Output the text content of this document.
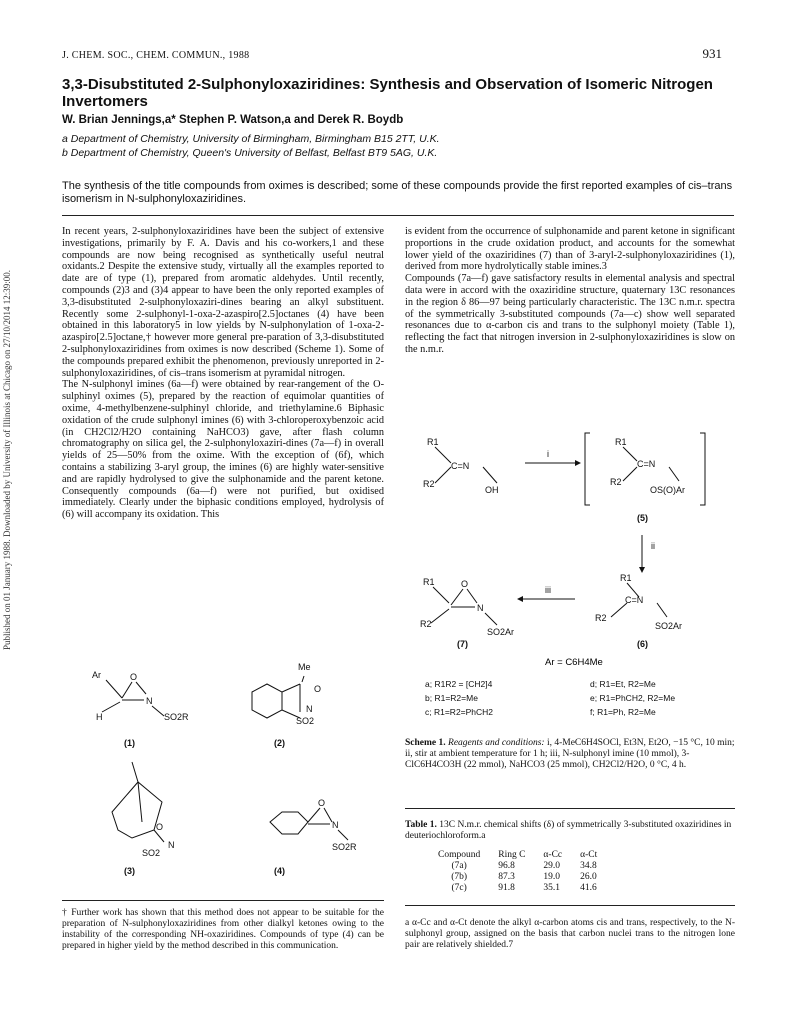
J. CHEM. SOC., CHEM. COMMUN., 1988	931
3,3-Disubstituted 2-Sulphonyloxaziridines: Synthesis and Observation of Isomeric Nitrogen Invertomers
W. Brian Jennings,a* Stephen P. Watson,a and Derek R. Boydb
a Department of Chemistry, University of Birmingham, Birmingham B15 2TT, U.K.
b Department of Chemistry, Queen's University of Belfast, Belfast BT9 5AG, U.K.
The synthesis of the title compounds from oximes is described; some of these compounds provide the first reported examples of cis–trans isomerism in N-sulphonyloxaziridines.
Published on 01 January 1988. Downloaded by University of Illinois at Chicago on 27/10/2014 12:39:00.
In recent years, 2-sulphonyloxaziridines have been the subject of extensive investigations, primarily by F. A. Davis and his co-workers,1 and these compounds are now being recognised as synthetically useful neutral oxidants.2 Despite the extensive study, virtually all the examples reported to date are of type (1), prepared from aromatic aldehydes. Until recently, compounds (2)3 and (3)4 appear to have been the only reported examples of 3,3-disubstituted 2-sulphonyloxaziri-dines bearing an alkyl substituent. Recently some 2-sulphonyl-1-oxa-2-azaspiro[2.5]octanes (4) have been obtained in this laboratory5 in low yields by N-sulphonylation of 1-oxa-2-azaspiro[2.5]octane,† however more general pre-paration of 3,3-disubstituted 2-sulphonyloxaziridines from oximes is now described (Scheme 1). Some of the compounds prepared exhibit the phenomenon, previously unreported in 2-sulphonyloxaziridines, of cis–trans isomerism at pyramidal nitrogen.
The N-sulphonyl imines (6a—f) were obtained by rear-rangement of the O-sulphinyl oximes (5), prepared by the reaction of equimolar quantities of oxime, 4-methylbenzene-sulphinyl chloride, and triethylamine.6 Biphasic oxidation of the crude sulphonyl imines (6) with 3-chloroperoxybenzoic acid (in CH2Cl2/H2O containing NaHCO3) gave, after flash column chromatography on silica gel, the 2-sulphonyloxaziri-dines (7a—f) in overall yields of 25—50% from the oxime. With the exception of (6f), which contains a stabilizing 3-aryl group, the imines (6) are highly water-sensitive and are rapidly hydrolysed to give the sulphonamide and the parent ketone. Consequently compounds (6a—f) were not purified, but oxidised immediately. Clearly under the biphasic conditions employed, hydrolysis of (6) will accompany its oxidation. This
is evident from the occurrence of sulphonamide and parent ketone in significant proportions in the crude oxidation product, and accounts for the somewhat lower yield of the oxaziridines (7) than of 3-aryl-2-sulphonyloxaziridines (1), derived from more hydrolytically stable imines.3
Compounds (7a—f) gave satisfactory results in elemental analysis and spectral data were in accord with the oxaziridine structure, quaternary 13C resonances in the region δ 86—97 being particularly characteristic. The 13C n.m.r. spectra of the symmetrically 3-substituted compounds (7a—c) show well separated resonances due to α-carbon cis and trans to the sulphonyl moiety (Table 1), reflecting the fact that nitrogen inversion in 2-sulphonyloxaziridines is slow on the n.m.r.
R1
R2
C=N
OH
i
R1
R2
C=N
OS(O)Ar
(5)
ii
R1
R2
C=N
SO2Ar
(6)
iii
R1
R2
O
N
SO2Ar
(7)
Ar = C6H4Me
a; R1R2 = [CH2]4	d; R1=Et, R2=Me
b; R1=R2=Me	e; R1=PhCH2, R2=Me
c; R1=R2=PhCH2	f; R1=Ph, R2=Me
Scheme 1. Reagents and conditions: i, 4-MeC6H4SOCl, Et3N, Et2O, −15 °C, 10 min; ii, stir at ambient temperature for 1 h; iii, N-sulphonyl imine (10 mmol), 3-ClC6H4CO3H (22 mmol), NaHCO3 (25 mmol), CH2Cl2/H2O, 0 °C, 4 h.
Ar	O
N
H	SO2R
(1)
Me
O
N
SO2
(2)
O
N
SO2
(3)
O
N
SO2R
(4)
† Further work has shown that this method does not appear to be suitable for the preparation of N-sulphonyloxaziridines from other dialkyl ketones owing to the instability of the corresponding NH-oxaziridines. Compounds of type (4) can be prepared in higher yield by the method described in this communication.
Table 1. 13C N.m.r. chemical shifts (δ) of symmetrically 3-substituted oxaziridines in deuteriochloroform.a
Compound	Ring C	α-Cc	α-Ct
(7a)	96.8	29.0	34.8
(7b)	87.3	19.0	26.0
(7c)	91.8	35.1	41.6
a α-Cc and α-Ct denote the alkyl α-carbon atoms cis and trans, respectively, to the N-sulphonyl group, assigned on the basis that carbon nuclei trans to the nitrogen lone pair are relatively shielded.7
